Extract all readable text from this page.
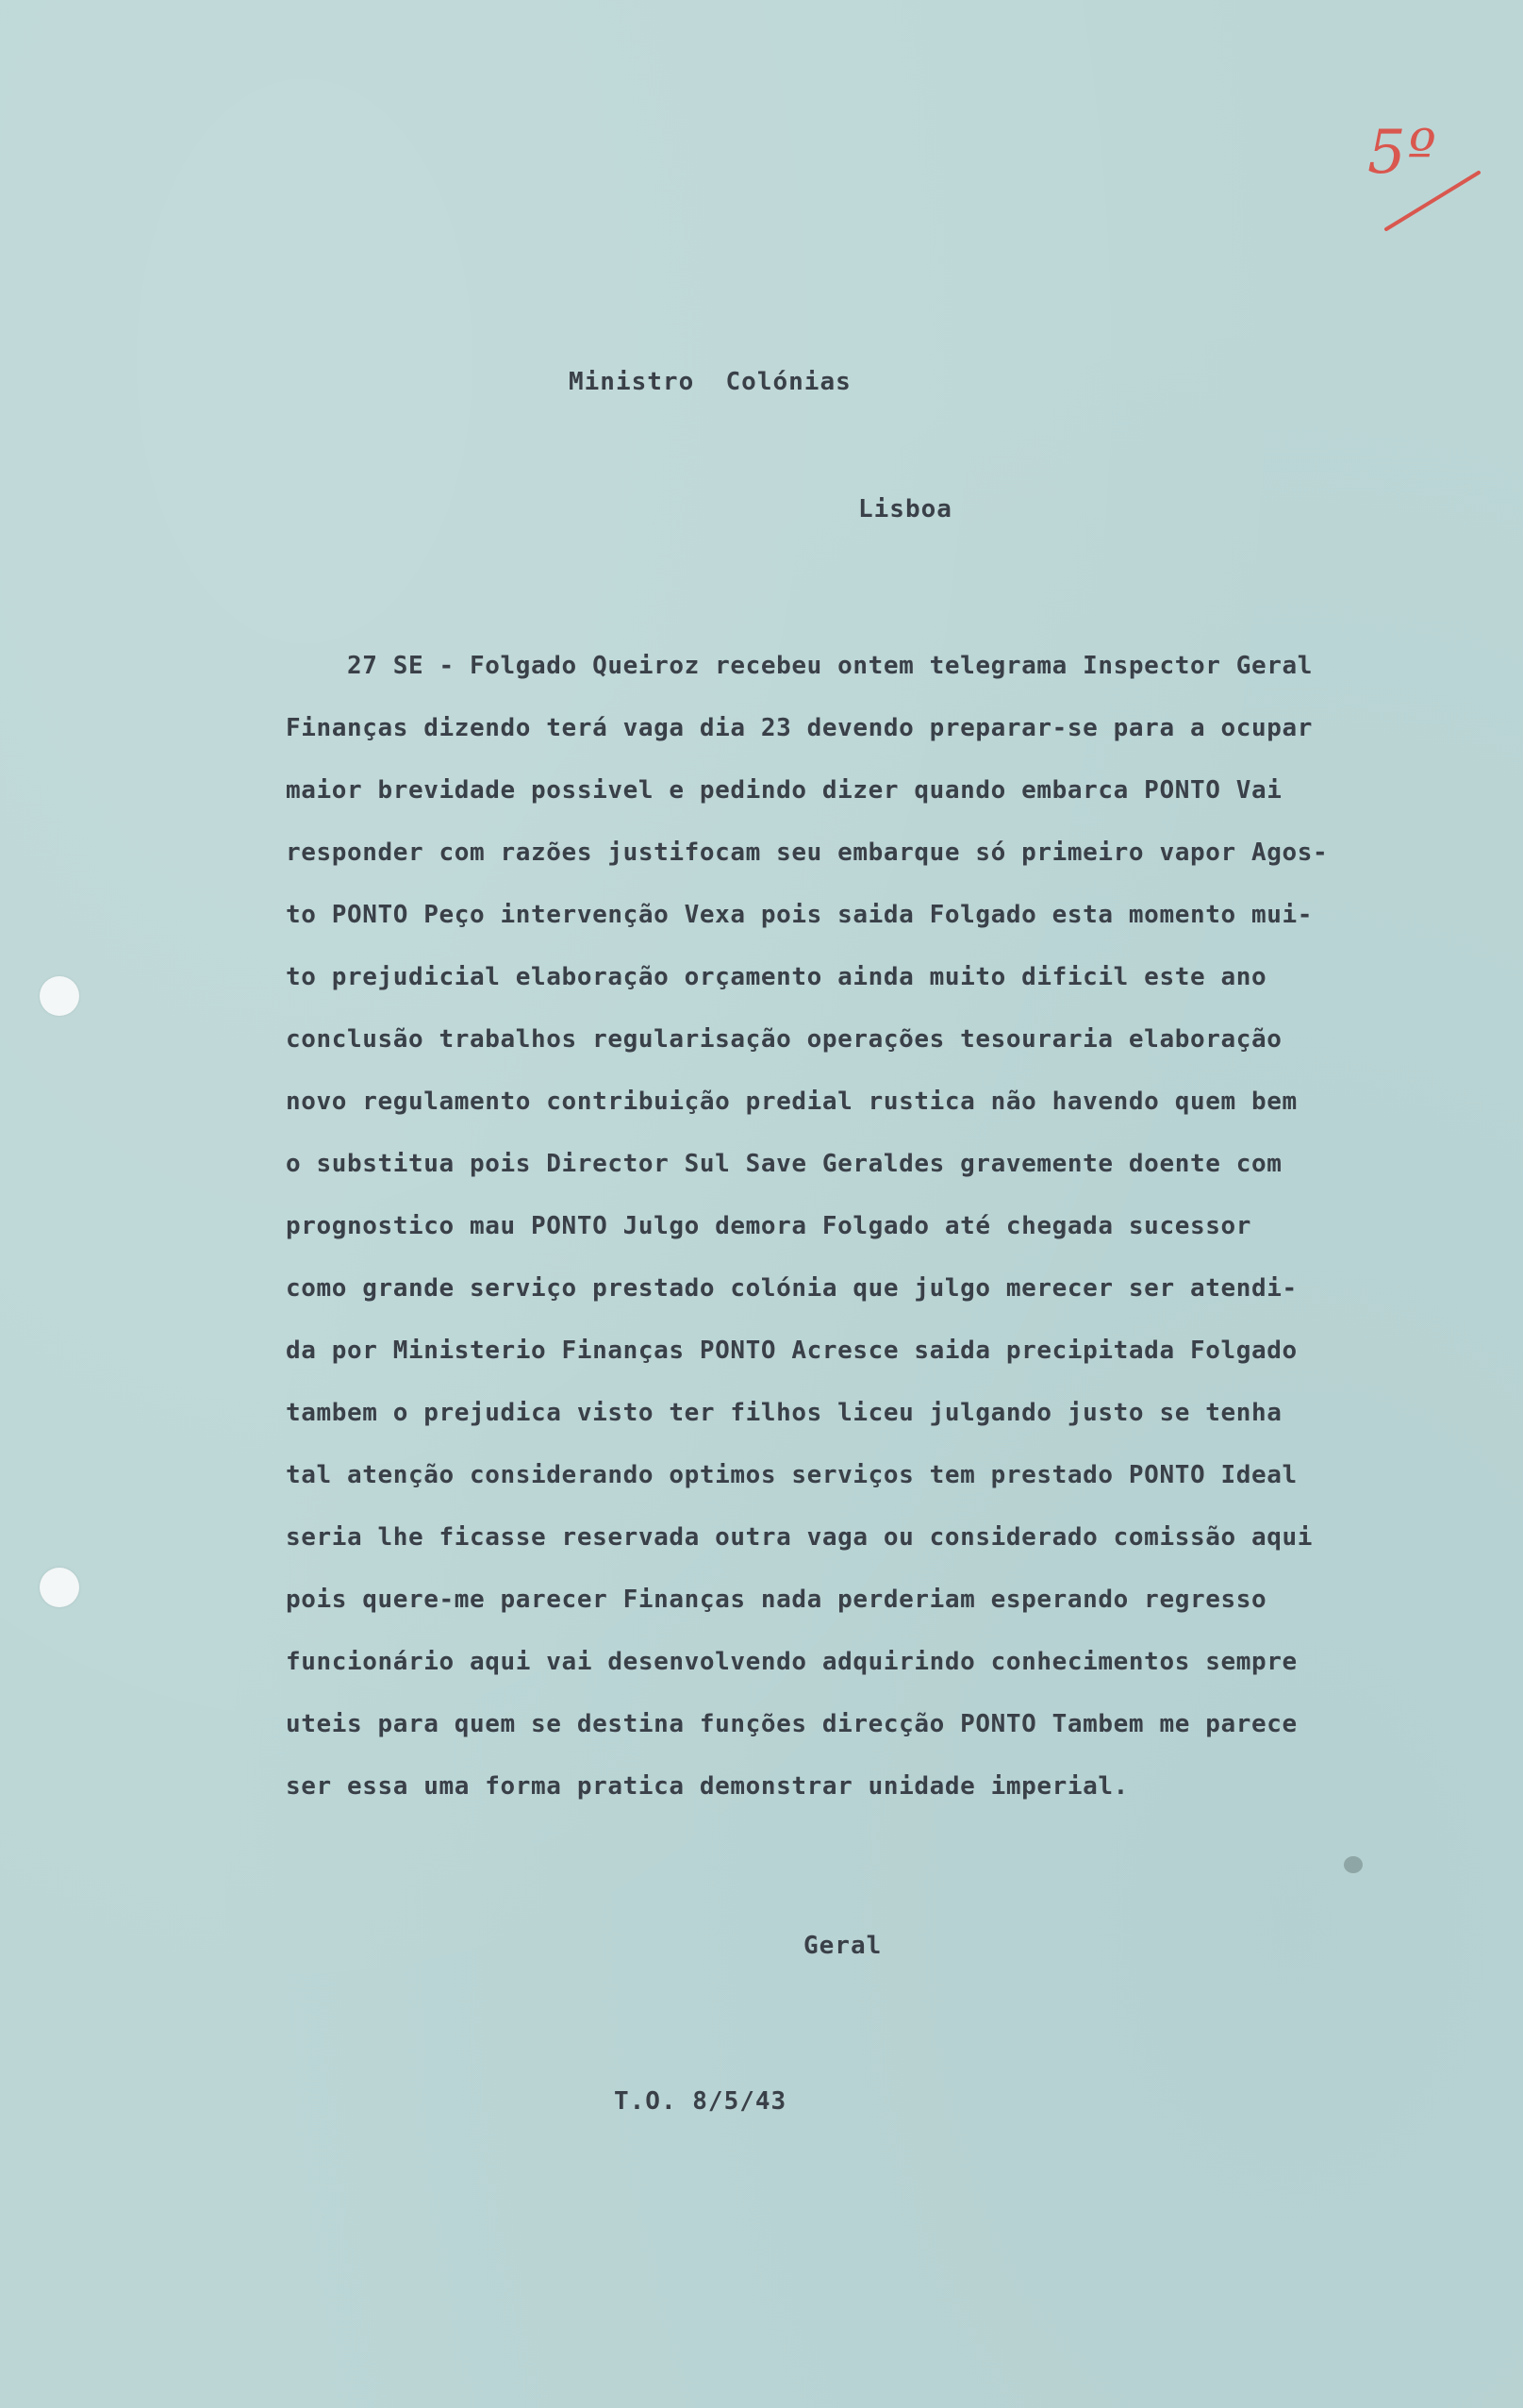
5º
Ministro  Colónias
Lisboa
27 SE - Folgado Queiroz recebeu ontem telegrama Inspector Geral
Finanças dizendo terá vaga dia 23 devendo preparar-se para a ocupar
maior brevidade possivel e pedindo dizer quando embarca PONTO Vai
responder com razões justifocam seu embarque só primeiro vapor Agos-
to PONTO Peço intervenção Vexa pois saida Folgado esta momento mui-
to prejudicial elaboração orçamento ainda muito dificil este ano
conclusão trabalhos regularisação operações tesouraria elaboração
novo regulamento contribuição predial rustica não havendo quem bem
o substitua pois Director Sul Save Geraldes gravemente doente com
prognostico mau PONTO Julgo demora Folgado até chegada sucessor
como grande serviço prestado colónia que julgo merecer ser atendi-
da por Ministerio Finanças PONTO Acresce saida precipitada Folgado
tambem o prejudica visto ter filhos liceu julgando justo se tenha
tal atenção considerando optimos serviços tem prestado PONTO Ideal
seria lhe ficasse reservada outra vaga ou considerado comissão aqui
pois quere-me parecer Finanças nada perderiam esperando regresso
funcionário aqui vai desenvolvendo adquirindo conhecimentos sempre
uteis para quem se destina funções direcção PONTO Tambem me parece
ser essa uma forma pratica demonstrar unidade imperial.
Geral
T.O. 8/5/43
